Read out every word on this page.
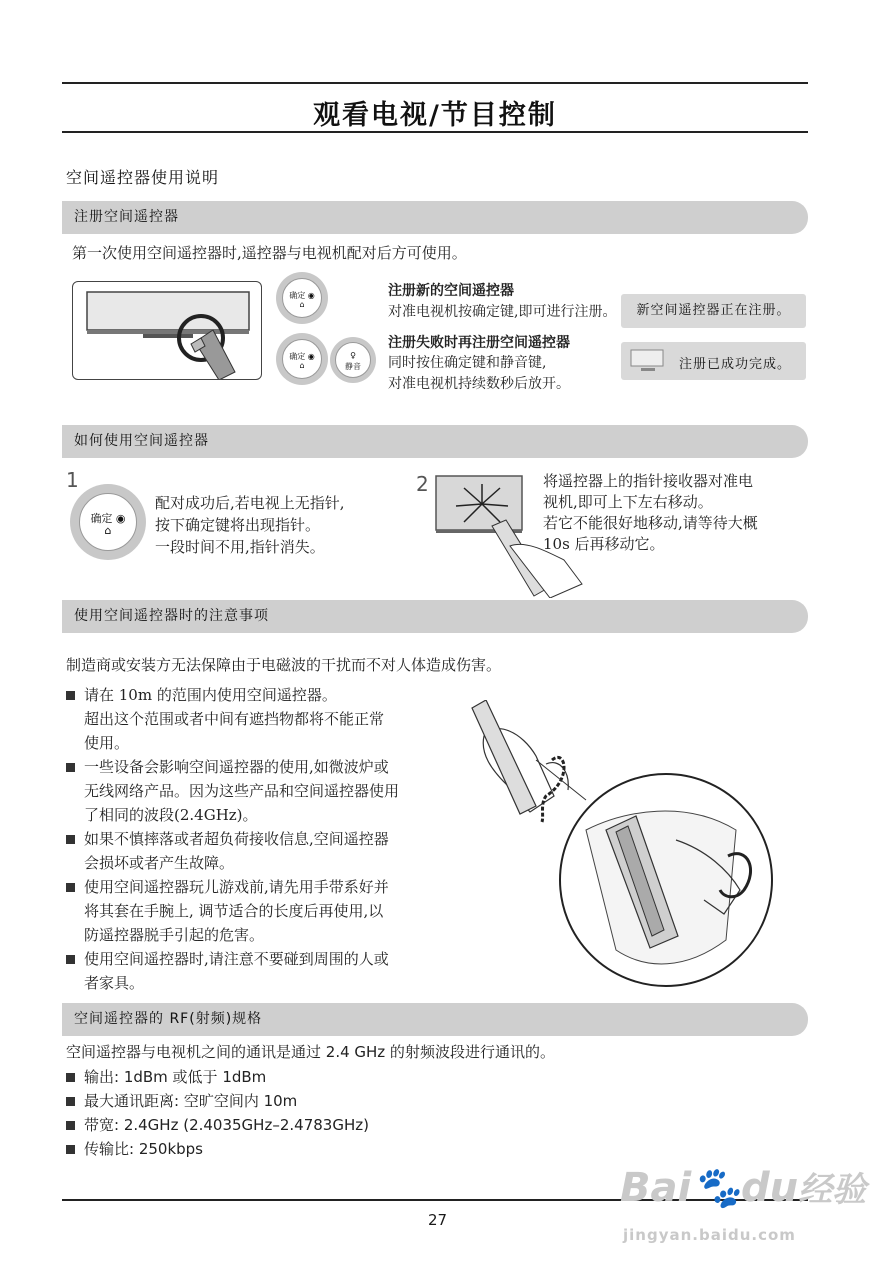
观看电视/节目控制
空间遥控器使用说明
注册空间遥控器
第一次使用空间遥控器时,遥控器与电视机配对后方可使用。
确定 ◉
⌂
确定 ◉
⌂
♀
静音
注册新的空间遥控器
对准电视机按确定键,即可进行注册。
注册失败时再注册空间遥控器
同时按住确定键和静音键,
对准电视机持续数秒后放开。
新空间遥控器正在注册。
注册已成功完成。
如何使用空间遥控器
1
确定 ◉
⌂
配对成功后,若电视上无指针,
按下确定键将出现指针。
一段时间不用,指针消失。
2	将遥控器上的指针接收器对准电
视机,即可上下左右移动。
若它不能很好地移动,请等待大概
10s 后再移动它。
使用空间遥控器时的注意事项
制造商或安装方无法保障由于电磁波的干扰而不对人体造成伤害。
请在 10m 的范围内使用空间遥控器。
超出这个范围或者中间有遮挡物都将不能正常
使用。
一些设备会影响空间遥控器的使用,如微波炉或
无线网络产品。因为这些产品和空间遥控器使用
了相同的波段(2.4GHz)。
如果不慎摔落或者超负荷接收信息,空间遥控器
会损坏或者产生故障。
使用空间遥控器玩儿游戏前,请先用手带系好并
将其套在手腕上, 调节适合的长度后再使用,以
防遥控器脱手引起的危害。
使用空间遥控器时,请注意不要碰到周围的人或
者家具。
空间遥控器的 RF(射频)规格
空间遥控器与电视机之间的通讯是通过 2.4 GHz 的射频波段进行通讯的。
输出: 1dBm 或低于 1dBm
最大通讯距离: 空旷空间内 10m
带宽: 2.4GHz (2.4035GHz–2.4783GHz)
传输比: 250kbps
27
Bai🐾du经验
jingyan.baidu.com
